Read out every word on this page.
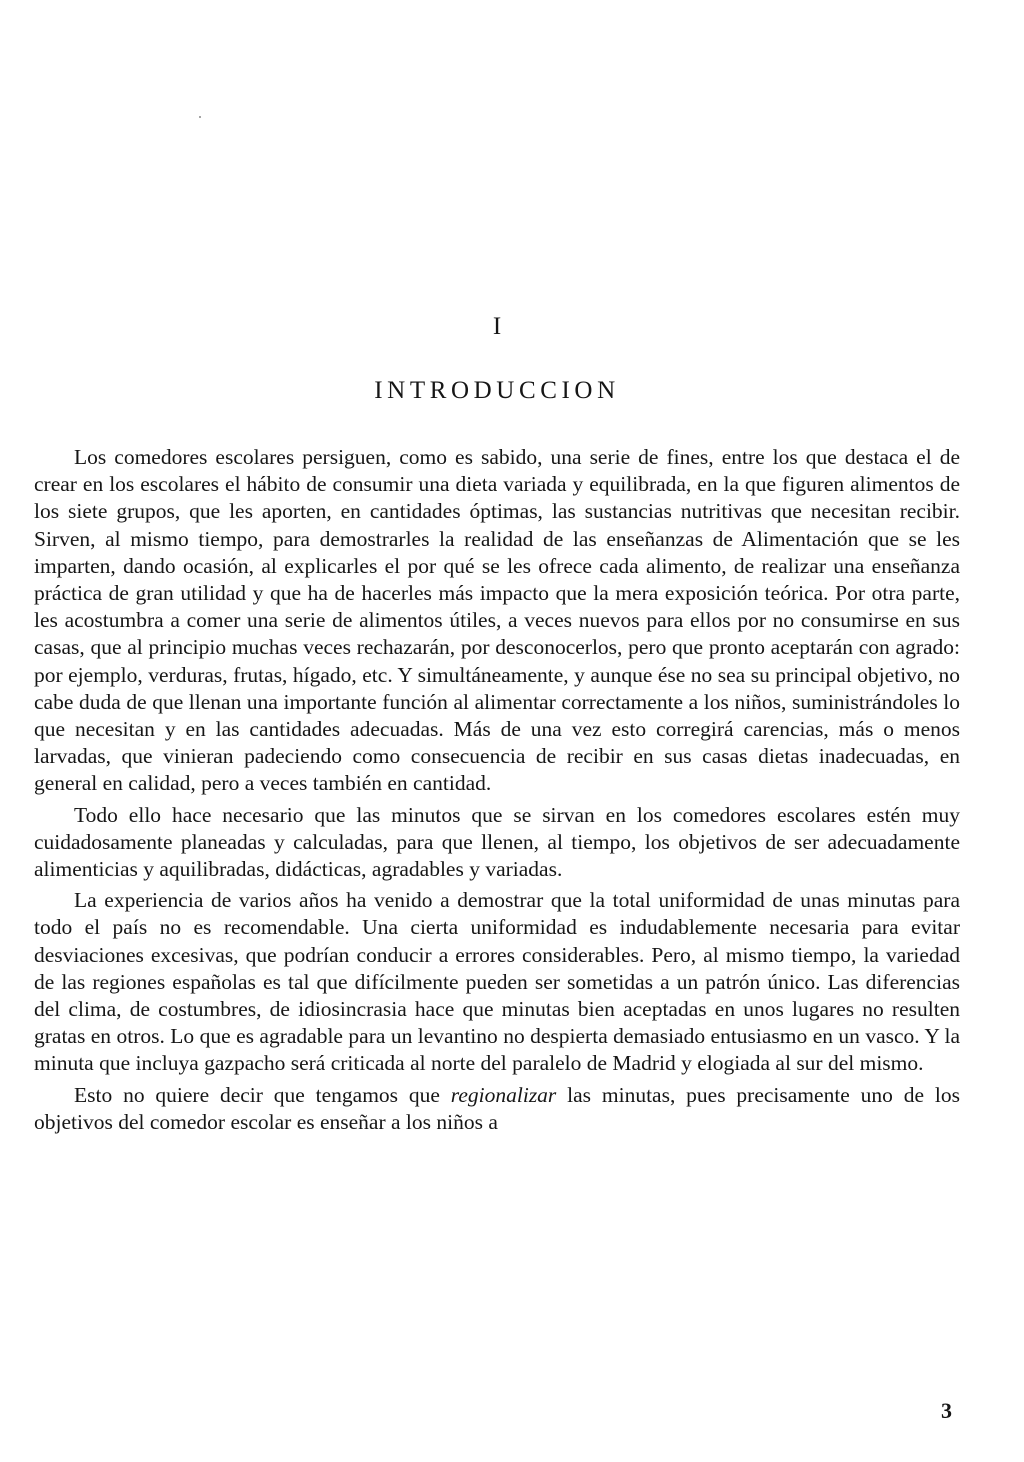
I
INTRODUCCION

Los comedores escolares persiguen, como es sabido, una serie de fines, entre los que destaca el de crear en los escolares el hábito de consumir una dieta variada y equilibrada, en la que figuren alimentos de los siete grupos, que les aporten, en cantidades óptimas, las sustancias nutritivas que necesitan recibir. Sirven, al mismo tiempo, para demostrarles la realidad de las enseñanzas de Alimentación que se les imparten, dando ocasión, al explicarles el por qué se les ofrece cada alimento, de realizar una enseñanza práctica de gran utilidad y que ha de hacerles más impacto que la mera exposición teórica. Por otra parte, les acostumbra a comer una serie de alimentos útiles, a veces nuevos para ellos por no consumirse en sus casas, que al principio muchas veces rechazarán, por desconocerlos, pero que pronto aceptarán con agrado: por ejemplo, verduras, frutas, hígado, etc. Y simultáneamente, y aunque ése no sea su principal objetivo, no cabe duda de que llenan una importante función al alimentar correctamente a los niños, suministrándoles lo que necesitan y en las cantidades adecuadas. Más de una vez esto corregirá carencias, más o menos larvadas, que vinieran padeciendo como consecuencia de recibir en sus casas dietas inadecuadas, en general en calidad, pero a veces también en cantidad.

Todo ello hace necesario que las minutos que se sirvan en los comedores escolares estén muy cuidadosamente planeadas y calculadas, para que llenen, al tiempo, los objetivos de ser adecuadamente alimenticias y aquilibradas, didácticas, agradables y variadas.

La experiencia de varios años ha venido a demostrar que la total uniformidad de unas minutas para todo el país no es recomendable. Una cierta uniformidad es indudablemente necesaria para evitar desviaciones excesivas, que podrían conducir a errores considerables. Pero, al mismo tiempo, la variedad de las regiones españolas es tal que difícilmente pueden ser sometidas a un patrón único. Las diferencias del clima, de costumbres, de idiosincrasia hace que minutas bien aceptadas en unos lugares no resulten gratas en otros. Lo que es agradable para un levantino no despierta demasiado entusiasmo en un vasco. Y la minuta que incluya gazpacho será criticada al norte del paralelo de Madrid y elogiada al sur del mismo.

Esto no quiere decir que tengamos que regionalizar las minutas, pues precisamente uno de los objetivos del comedor escolar es enseñar a los niños a

3
